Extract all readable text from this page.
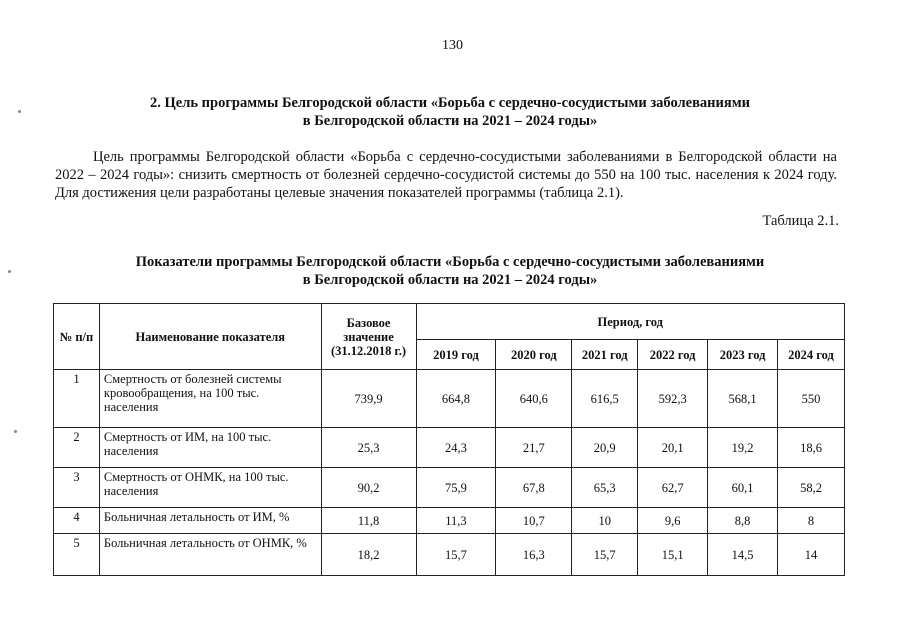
130
2. Цель программы Белгородской области «Борьба с сердечно-сосудистыми заболеваниями
в Белгородской области на 2021 – 2024 годы»
Цель программы Белгородской области «Борьба с сердечно-сосудистыми заболеваниями в Белгородской области на 2022 – 2024 годы»: снизить смертность от болезней сердечно-сосудистой системы до 550 на 100 тыс. населения к 2024 году. Для достижения цели разработаны целевые значения показателей программы (таблица 2.1).
Таблица 2.1.
Показатели программы Белгородской области «Борьба с сердечно-сосудистыми заболеваниями
в Белгородской области на 2021 – 2024 годы»
№ п/п	Наименование показателя	Базовое значение (31.12.2018 г.)	Период, год					
			2019 год	2020 год	2021 год	2022 год	2023 год	2024 год
1	Смертность от болезней системы кровообращения, на 100 тыс. населения	739,9	664,8	640,6	616,5	592,3	568,1	550
2	Смертность от ИМ, на 100 тыс. населения	25,3	24,3	21,7	20,9	20,1	19,2	18,6
3	Смертность от ОНМК, на 100 тыс. населения	90,2	75,9	67,8	65,3	62,7	60,1	58,2
4	Больничная летальность от ИМ, %	11,8	11,3	10,7	10	9,6	8,8	8
5	Больничная летальность от ОНМК, %	18,2	15,7	16,3	15,7	15,1	14,5	14
